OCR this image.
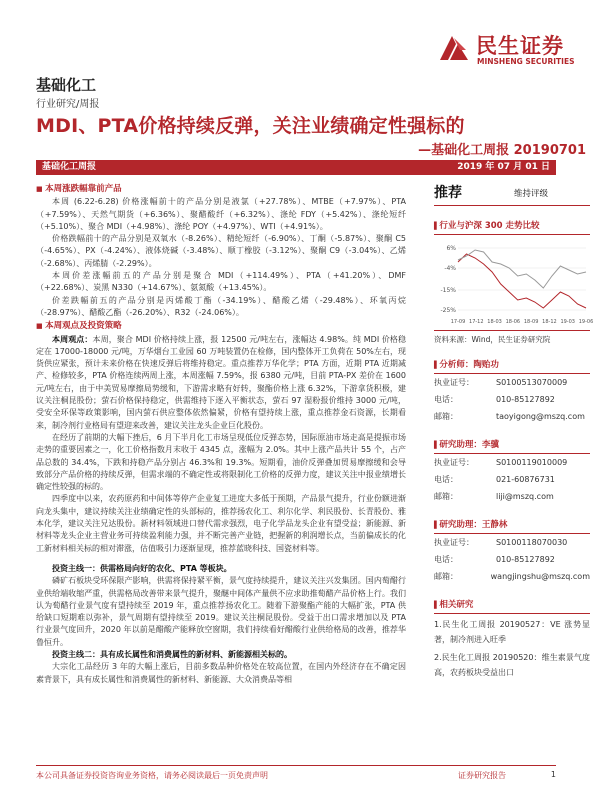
民生证券
MINSHENG SECURITIES
基础化工
行业研究/周报
MDI、PTA价格持续反弹，关注业绩确定性强标的
—基础化工周报 20190701
基础化工周报	2019 年 07 月 01 日
■ 本周涨跌幅靠前产品

本周 (6.22-6.28) 价格涨幅前十的产品分别是液氯（+27.78%）、MTBE（+7.97%）、PTA（+7.59%）、天然气期货（+6.36%）、聚醋酸纤（+6.32%）、涤纶 FDY（+5.42%）、涤纶短纤（+5.10%）、聚合 MDI（+4.98%）、涤纶 POY（+4.97%）、WTI（+4.91%）。

价格跌幅前十的产品分别是双氧水（-8.26%）、精纶短纤（-6.90%）、丁酮（-5.87%）、聚酮 C5（-4.65%）、PX（-4.24%）、液体烧碱（-3.48%）、顺丁橡胶（-3.12%）、聚酮 C9（-3.04%）、乙烯（-2.68%）、丙烯腈（-2.29%）。

本周价差涨幅前五的产品分别是聚合 MDI（+114.49%）、PTA（+41.20%）、DMF（+22.68%）、炭黑 N330（+14.67%）、氨氮酸（+13.45%）。

价差跌幅前五的产品分别是丙烯酸丁酯（-34.19%）、醋酸乙烯（-29.48%）、环氧丙烷（-28.97%）、醋酸乙酯（-26.20%）、R32（-24.06%）。

■ 本周观点及投资策略

本周观点：本周，聚合 MDI 价格持续上涨，报 12500 元/吨左右，涨幅达 4.98%。纯 MDI 价格稳定在 17000-18000 元/吨，万华烟台工业园 60 万吨装置仍在检修，国内整体开工负荷在 50%左右，现货供应紧张，预计未来价格在快速反弹后将维持稳定。重点推荐万华化学；PTA 方面，近期 PTA 近期减产、检修较多，PTA 价格连续两周上涨，本周涨幅 7.59%，报 6380 元/吨，目前 PTA-PX 差价在 1600 元/吨左右，由于中美贸易摩擦局势缓和，下游需求略有好转，聚酯价格上涨 6.32%，下游拿货积极，建议关注桐昆股份；萤石价格保持稳定，供需维持下逐入平衡状态，萤石 97 湿粉报价维持 3000 元/吨，受安全环保等政策影响，国内萤石供应整体依然偏紧，价格有望持续上涨，重点推荐金石资源，长期看来，制冷剂行业格局有望迎来改善，建议关注龙头企业巨化股份。

在经历了前期的大幅下挫后，6 月下半月化工市场呈现低位反弹态势，国际原油市场走高是提振市场走势的重要因素之一，化工价格指数月末收于 4345 点，涨幅为 2.0%。其中上涨产品共计 55 个，占产品总数的 34.4%，下跌和持稳产品分别占 46.3%和 19.3%。短期看，油价反弹叠加贸易摩擦缓和会导致部分产品价格的持续反弹，但需求端的不确定性或将限制化工价格的反弹力度，建议关注中报业绩增长确定性较强的标的。

四季度中以来，农药原药和中间体等停产企业复工进度大多低于预期，产品景气提升，行业份额进渐向龙头集中，建议持续关注业绩确定性的头部标的，推荐扬农化工、利尔化学、利民股份、长青股份、雅本化学，建议关注兄达股份。新材料领域进口替代需求强烈，电子化学品龙头企业有望受益；新能源、新材料等龙头企业主营业务可持续盈利能力强，并不断完善产业链，把握新的利润增长点，当前偏成长的化工新材料相关标的相对滞涨，估值吸引力逐渐显现，推荐蓝晓科技、国瓷材料等。

投资主线一：供需格局向好的农化、PTA 等板块。

磷矿石板块受环保限产影响，供需将保持紧平衡，景气度持续提升，建议关注兴发集团。国内萄醋行业供给端收缩严重，供需格局改善带来景气提升，聚醚中间体产量供不应求助推萄醋产品价格上行。我们认为萄醋行业景气度有望持续至 2019 年，重点推荐扬农化工。随着下游聚酯产能的大幅扩张，PTA 供给缺口短期难以弥补，景气周期有望持续至 2019。建议关注桐昆股份。受益于出口需求增加以及 PTA 行业景气度回升，2020 年以前是醋酸产能释放空窗期，我们持续看好醋酸行业供给格局的改善，推荐华鲁恒升。

投资主线二：具有成长属性和消费属性的新材料、新能源相关标的。

大宗化工品经历 3 年的大幅上涨后，目前多数品种价格处在较高位置，在国内外经济存在不确定因素背景下，具有成长属性和消费属性的新材料、新能源、大众消费品等相

推荐	维持评级
▌ 行业与沪深 300 走势比较
6%
-4%
-15%
-25%
17-09 17-12 18-03 18-06 18-09 18-12 19-03 19-06
资料来源：Wind，民生证券研究院
▌ 分析师：陶贻功
执业证号：	S0100513070009
电话：	010-85127892
邮箱：	taoyigong@mszq.com
▌ 研究助理：李骥
执业证号：	S0100119010009
电话：	021-60876731
邮箱：	liji@mszq.com
▌ 研究助理：王静林
执业证号：	S0100118070030
电话：	010-85127892
邮箱：	wangjingshu@mszq.com
▌ 相关研究

1.民生化工周报 20190527：VE 涨势显著，制冷剂进入旺季

2.民生化工周报 20190520：维生素景气度高，农药板块受益出口

本公司具备证券投资咨询业务资格，请务必阅读最后一页免责声明	证券研究报告	1
